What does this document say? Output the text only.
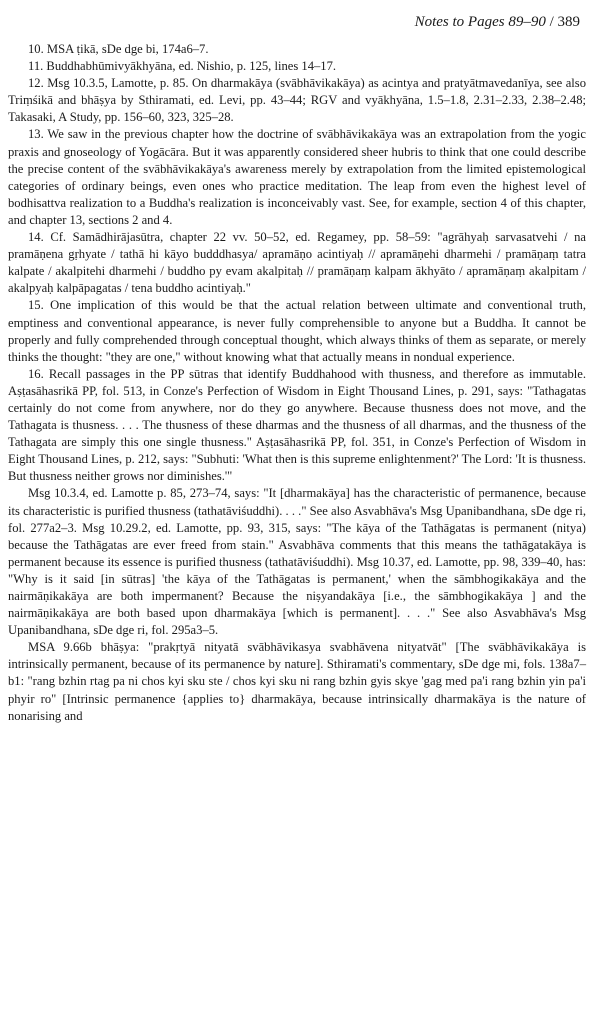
Notes to Pages 89–90 / 389

10. MSA ṭikā, sDe dge bi, 174a6–7.

11. Buddhabhūmivyākhyāna, ed. Nishio, p. 125, lines 14–17.

12. Msg 10.3.5, Lamotte, p. 85. On dharmakāya (svābhāvikakāya) as acintya and pratyātmavedanīya, see also Triṃśikā and bhāṣya by Sthiramati, ed. Levi, pp. 43–44; RGV and vyākhyāna, 1.5–1.8, 2.31–2.33, 2.38–2.48; Takasaki, A Study, pp. 156–60, 323, 325–28.

13. We saw in the previous chapter how the doctrine of svābhāvikakāya was an extrapolation from the yogic praxis and gnoseology of Yogācāra. But it was apparently considered sheer hubris to think that one could describe the precise content of the svābhāvikakāya's awareness merely by extrapolation from the limited epistemological categories of ordinary beings, even ones who practice meditation. The leap from even the highest level of bodhisattva realization to a Buddha's realization is inconceivably vast. See, for example, section 4 of this chapter, and chapter 13, sections 2 and 4.

14. Cf. Samādhirājasūtra, chapter 22 vv. 50–52, ed. Regamey, pp. 58–59: "agrāhyaḥ sarvasatvehi / na pramāṇena gṛhyate / tathā hi kāyo budddhasya/ apramāṇo acintiyaḥ // apramāṇehi dharmehi / pramāṇaṃ tatra kalpate / akalpitehi dharmehi / buddho py evam akalpitaḥ // pramāṇaṃ kalpam ākhyāto / apramāṇaṃ akalpitam / akalpyaḥ kalpāpagatas / tena buddho acintiyaḥ."

15. One implication of this would be that the actual relation between ultimate and conventional truth, emptiness and conventional appearance, is never fully comprehensible to anyone but a Buddha. It cannot be properly and fully comprehended through conceptual thought, which always thinks of them as separate, or merely thinks the thought: "they are one," without knowing what that actually means in nondual experience.

16. Recall passages in the PP sūtras that identify Buddhahood with thusness, and therefore as immutable. Aṣṭasāhasrikā PP, fol. 513, in Conze's Perfection of Wisdom in Eight Thousand Lines, p. 291, says: "Tathagatas certainly do not come from anywhere, nor do they go anywhere. Because thusness does not move, and the Tathagata is thusness. . . . The thusness of these dharmas and the thusness of all dharmas, and the thusness of the Tathagata are simply this one single thusness." Aṣṭasāhasrikā PP, fol. 351, in Conze's Perfection of Wisdom in Eight Thousand Lines, p. 212, says: "Subhuti: 'What then is this supreme enlightenment?' The Lord: 'It is thusness. But thusness neither grows nor diminishes.'"

Msg 10.3.4, ed. Lamotte p. 85, 273–74, says: "It [dharmakāya] has the characteristic of permanence, because its characteristic is purified thusness (tathatāviśuddhi). . . ." See also Asvabhāva's Msg Upanibandhana, sDe dge ri, fol. 277a2–3. Msg 10.29.2, ed. Lamotte, pp. 93, 315, says: "The kāya of the Tathāgatas is permanent (nitya) because the Tathāgatas are ever freed from stain." Asvabhāva comments that this means the tathāgatakāya is permanent because its essence is purified thusness (tathatāviśuddhi). Msg 10.37, ed. Lamotte, pp. 98, 339–40, has: "Why is it said [in sūtras] 'the kāya of the Tathāgatas is permanent,' when the sāmbhogikakāya and the nairmāṇikakāya are both impermanent? Because the niṣyandakāya [i.e., the sāmbhogikakāya ] and the nairmāṇikakāya are both based upon dharmakāya [which is permanent]. . . ." See also Asvabhāva's Msg Upanibandhana, sDe dge ri, fol. 295a3–5.

MSA 9.66b bhāṣya: "prakṛtyā nityatā svābhāvikasya svabhāvena nityatvāt" [The svābhāvikakāya is intrinsically permanent, because of its permanence by nature]. Sthiramati's commentary, sDe dge mi, fols. 138a7–b1: "rang bzhin rtag pa ni chos kyi sku ste / chos kyi sku ni rang bzhin gyis skye 'gag med pa'i rang bzhin yin pa'i phyir ro" [Intrinsic permanence {applies to} dharmakāya, because intrinsically dharmakāya is the nature of nonarising and
